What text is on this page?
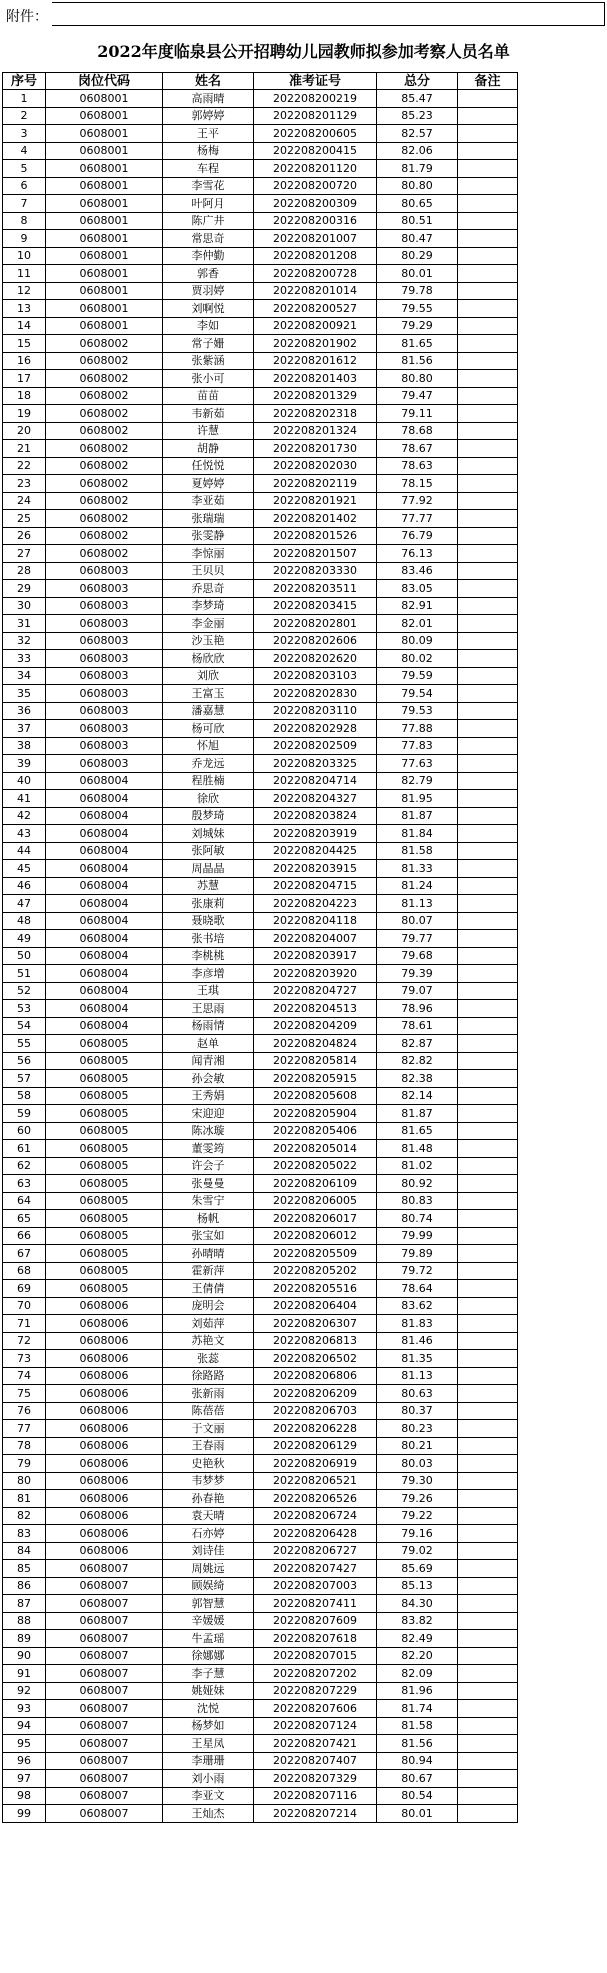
附件：
2022年度临泉县公开招聘幼儿园教师拟参加考察人员名单
序号	岗位代码	姓名	准考证号	总分	备注
1	0608001	高雨晴	202208200219	85.47	
2	0608001	郭婷婷	202208201129	85.23	
3	0608001	王平	202208200605	82.57	
4	0608001	杨梅	202208200415	82.06	
5	0608001	车程	202208201120	81.79	
6	0608001	李雪花	202208200720	80.80	
7	0608001	叶阿月	202208200309	80.65	
8	0608001	陈广井	202208200316	80.51	
9	0608001	常思奇	202208201007	80.47	
10	0608001	李仲勤	202208201208	80.29	
11	0608001	郭香	202208200728	80.01	
12	0608001	贾羽婷	202208201014	79.78	
13	0608001	刘啊悦	202208200527	79.55	
14	0608001	李如	202208200921	79.29	
15	0608002	常子姗	202208201902	81.65	
16	0608002	张紫涵	202208201612	81.56	
17	0608002	张小可	202208201403	80.80	
18	0608002	苗苗	202208201329	79.47	
19	0608002	韦新茹	202208202318	79.11	
20	0608002	许慧	202208201324	78.68	
21	0608002	胡静	202208201730	78.67	
22	0608002	任悦悦	202208202030	78.63	
23	0608002	夏婷婷	202208202119	78.15	
24	0608002	李亚茹	202208201921	77.92	
25	0608002	张瑞瑞	202208201402	77.77	
26	0608002	张雯静	202208201526	76.79	
27	0608002	李惊丽	202208201507	76.13	
28	0608003	王贝贝	202208203330	83.46	
29	0608003	乔思奇	202208203511	83.05	
30	0608003	李梦琦	202208203415	82.91	
31	0608003	李金丽	202208202801	82.01	
32	0608003	沙玉艳	202208202606	80.09	
33	0608003	杨欣欣	202208202620	80.02	
34	0608003	刘欣	202208203103	79.59	
35	0608003	王富玉	202208202830	79.54	
36	0608003	潘嘉慧	202208203110	79.53	
37	0608003	杨可欣	202208202928	77.88	
38	0608003	怀旭	202208202509	77.83	
39	0608003	乔龙远	202208203325	77.63	
40	0608004	程胜楠	202208204714	82.79	
41	0608004	徐欣	202208204327	81.95	
42	0608004	殷梦琦	202208203824	81.87	
43	0608004	刘城妹	202208203919	81.84	
44	0608004	张阿敏	202208204425	81.58	
45	0608004	周晶晶	202208203915	81.33	
46	0608004	苏慧	202208204715	81.24	
47	0608004	张康莉	202208204223	81.13	
48	0608004	聂晓歌	202208204118	80.07	
49	0608004	张书培	202208204007	79.77	
50	0608004	李桃桃	202208203917	79.68	
51	0608004	李彦增	202208203920	79.39	
52	0608004	王琪	202208204727	79.07	
53	0608004	王思雨	202208204513	78.96	
54	0608004	杨雨情	202208204209	78.61	
55	0608005	赵单	202208204824	82.87	
56	0608005	闻青湘	202208205814	82.82	
57	0608005	孙会敏	202208205915	82.38	
58	0608005	王秀娟	202208205608	82.14	
59	0608005	宋迎迎	202208205904	81.87	
60	0608005	陈冰璇	202208205406	81.65	
61	0608005	董雯筠	202208205014	81.48	
62	0608005	许会子	202208205022	81.02	
63	0608005	张曼曼	202208206109	80.92	
64	0608005	朱雪宁	202208206005	80.83	
65	0608005	杨帆	202208206017	80.74	
66	0608005	张宝如	202208206012	79.99	
67	0608005	孙晴晴	202208205509	79.89	
68	0608005	霍新萍	202208205202	79.72	
69	0608005	王倩倩	202208205516	78.64	
70	0608006	庞明会	202208206404	83.62	
71	0608006	刘茹萍	202208206307	81.83	
72	0608006	苏艳文	202208206813	81.46	
73	0608006	张蕊	202208206502	81.35	
74	0608006	徐路路	202208206806	81.13	
75	0608006	张新雨	202208206209	80.63	
76	0608006	陈蓓蓓	202208206703	80.37	
77	0608006	于文丽	202208206228	80.23	
78	0608006	王春雨	202208206129	80.21	
79	0608006	史艳秋	202208206919	80.03	
80	0608006	韦梦梦	202208206521	79.30	
81	0608006	孙春艳	202208206526	79.26	
82	0608006	袁天晴	202208206724	79.22	
83	0608006	石亦婷	202208206428	79.16	
84	0608006	刘诗佳	202208206727	79.02	
85	0608007	周姚远	202208207427	85.69	
86	0608007	顾娱绮	202208207003	85.13	
87	0608007	郭智慧	202208207411	84.30	
88	0608007	辛媛媛	202208207609	83.82	
89	0608007	牛孟瑶	202208207618	82.49	
90	0608007	徐娜娜	202208207015	82.20	
91	0608007	李子慧	202208207202	82.09	
92	0608007	姚娅妹	202208207229	81.96	
93	0608007	沈悦	202208207606	81.74	
94	0608007	杨梦如	202208207124	81.58	
95	0608007	王星凤	202208207421	81.56	
96	0608007	李珊珊	202208207407	80.94	
97	0608007	刘小雨	202208207329	80.67	
98	0608007	李亚文	202208207116	80.54	
99	0608007	王灿杰	202208207214	80.01	
